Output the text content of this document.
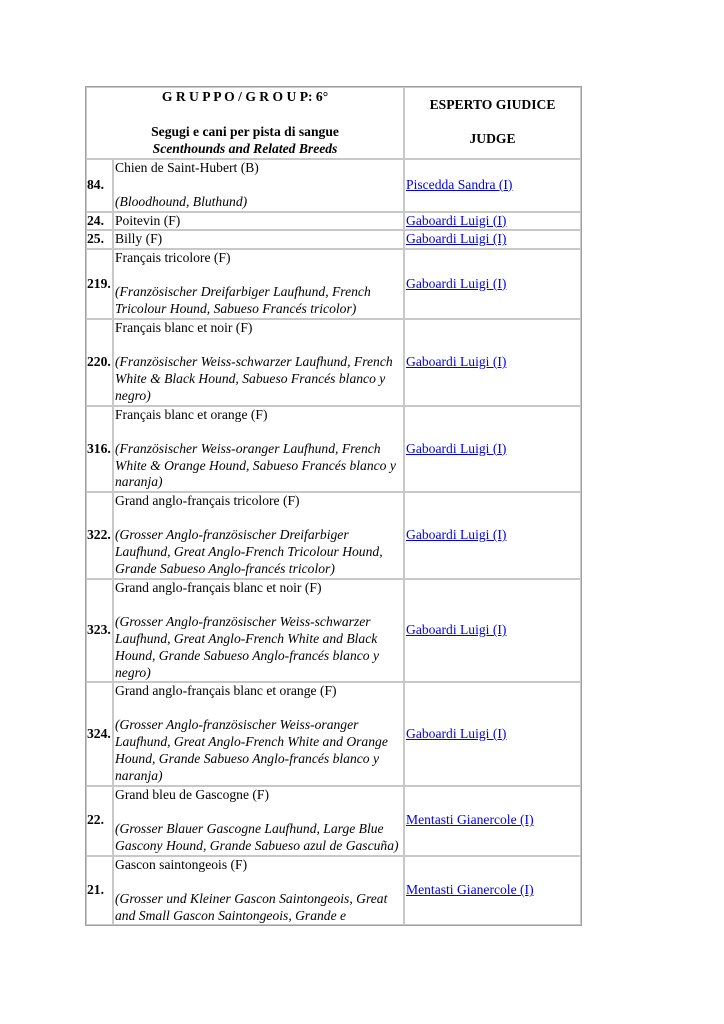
G R U P P O / G R O U P: 6°
Segugi e cani per pista di sangue
Scenthounds and Related Breeds		ESPERTO GIUDICE
JUDGE

84.	Chien de Saint-Hubert (B)
(Bloodhound, Bluthund)	Piscedda Sandra (I)
24.	Poitevin (F)	Gaboardi Luigi (I)
25.	Billy (F)	Gaboardi Luigi (I)
219.	Français tricolore (F)
(Französischer Dreifarbiger Laufhund, French Tricolour Hound, Sabueso Francés tricolor)	Gaboardi Luigi (I)
220.	Français blanc et noir (F)
(Französischer Weiss-schwarzer Laufhund, French White & Black Hound, Sabueso Francés blanco y negro)	Gaboardi Luigi (I)
316.	Français blanc et orange (F)
(Französischer Weiss-oranger Laufhund, French White & Orange Hound, Sabueso Francés blanco y naranja)	Gaboardi Luigi (I)
322.	Grand anglo-français tricolore (F)
(Grosser Anglo-französischer Dreifarbiger Laufhund, Great Anglo-French Tricolour Hound, Grande Sabueso Anglo-francés tricolor)	Gaboardi Luigi (I)
323.	Grand anglo-français blanc et noir (F)
(Grosser Anglo-französischer Weiss-schwarzer Laufhund, Great Anglo-French White and Black Hound, Grande Sabueso Anglo-francés blanco y negro)	Gaboardi Luigi (I)
324.	Grand anglo-français blanc et orange (F)
(Grosser Anglo-französischer Weiss-oranger Laufhund, Great Anglo-French White and Orange Hound, Grande Sabueso Anglo-francés blanco y naranja)	Gaboardi Luigi (I)
22.	Grand bleu de Gascogne (F)
(Grosser Blauer Gascogne Laufhund, Large Blue Gascony Hound, Grande Sabueso azul de Gascuña)	Mentasti Gianercole (I)
21.	Gascon saintongeois (F)
(Grosser und Kleiner Gascon Saintongeois, Great and Small Gascon Saintongeois, Grande e	Mentasti Gianercole (I)
